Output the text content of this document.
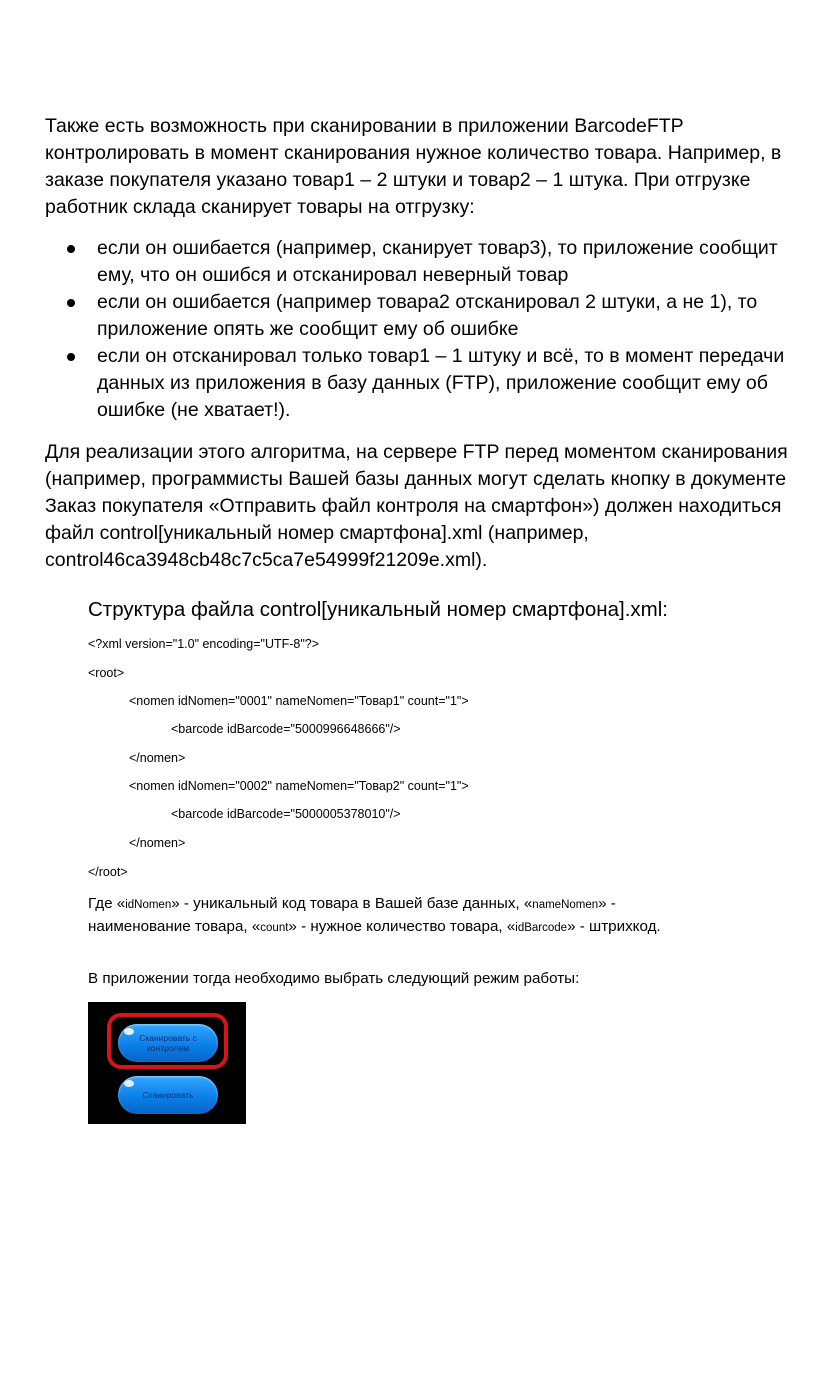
Также есть возможность при сканировании в приложении BarcodeFTP контролировать в момент сканирования нужное количество товара. Например, в заказе покупателя указано товар1 – 2 штуки и товар2 – 1 штука. При отгрузке работник склада сканирует товары на отгрузку:

если он ошибается (например, сканирует товар3), то приложение сообщит ему, что он ошибся и отсканировал неверный товар
если он ошибается (например товара2 отсканировал 2 штуки, а не 1), то приложение опять же сообщит ему об ошибке
если он отсканировал только товар1 – 1 штуку и всё, то в момент передачи данных из приложения в базу данных (FTP), приложение сообщит ему об ошибке (не хватает!).

Для реализации этого алгоритма, на сервере FTP перед моментом сканирования (например, программисты Вашей базы данных могут сделать кнопку в документе Заказ покупателя «Отправить файл контроля на смартфон») должен находиться файл control[уникальный номер смартфона].xml (например, control46ca3948cb48c7c5ca7e54999f21209e.xml).

Структура файла control[уникальный номер смартфона].xml:

<?xml version="1.0" encoding="UTF-8"?>

<root>

<nomen idNomen="0001" nameNomen="Товар1" count="1">

<barcode idBarcode="5000996648666"/>

</nomen>

<nomen idNomen="0002" nameNomen="Товар2" count="1">

<barcode idBarcode="5000005378010"/>

</nomen>

</root>

Где «idNomen» - уникальный код товара в Вашей базе данных, «nameNomen» - наименование товара, «count» - нужное количество товара, «idBarcode» - штрихкод.

В приложении тогда необходимо выбрать следующий режим работы:

Сканировать с контролем
Сканировать
